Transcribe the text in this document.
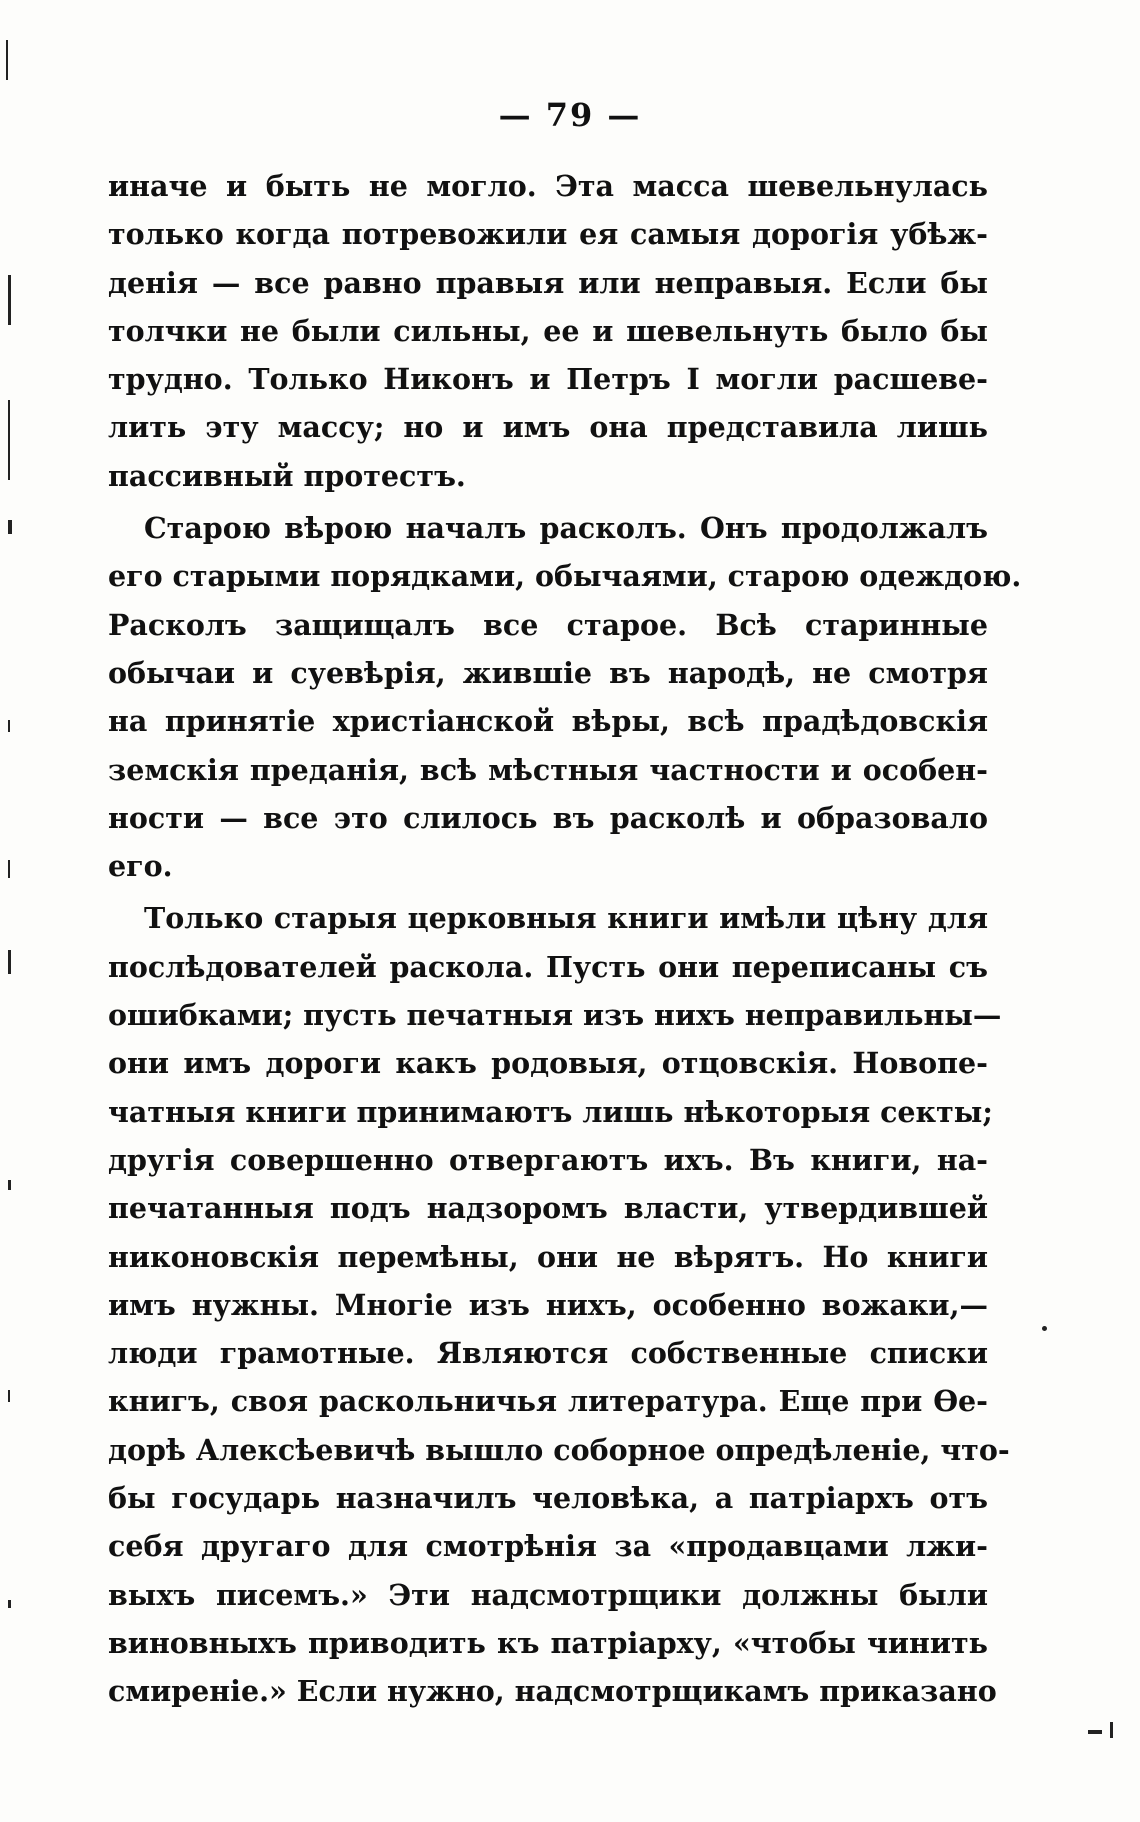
— 79 —
иначе и быть не могло. Эта масса шевельнулась
только когда потревожили ея самыя дорогія убѣж-
денія — все равно правыя или неправыя. Если бы
толчки не были сильны, ее и шевельнуть было бы
трудно. Только Никонъ и Петръ I могли расшеве-
лить эту массу; но и имъ она представила лишь
пассивный протестъ.
Старою вѣрою началъ расколъ. Онъ продолжалъ
его старыми порядками, обычаями, старою одеждою.
Расколъ защищалъ все старое. Всѣ старинные
обычаи и суевѣрія, жившіе въ народѣ, не смотря
на принятіе христіанской вѣры, всѣ прадѣдовскія
земскія преданія, всѣ мѣстныя частности и особен-
ности — все это слилось въ расколѣ и образовало
его.
Только старыя церковныя книги имѣли цѣну для
послѣдователей раскола. Пусть они переписаны съ
ошибками; пусть печатныя изъ нихъ неправильны—
они имъ дороги какъ родовыя, отцовскія. Новопе-
чатныя книги принимаютъ лишь нѣкоторыя секты;
другія совершенно отвергаютъ ихъ. Въ книги, на-
печатанныя подъ надзоромъ власти, утвердившей
никоновскія перемѣны, они не вѣрятъ. Но книги
имъ нужны. Многіе изъ нихъ, особенно вожаки,—
люди грамотные. Являются собственные списки
книгъ, своя раскольничья литература. Еще при Ѳе-
дорѣ Алексѣевичѣ вышло соборное опредѣленіе, что-
бы государь назначилъ человѣка, а патріархъ отъ
себя другаго для смотрѣнія за «продавцами лжи-
выхъ писемъ.» Эти надсмотрщики должны были
виновныхъ приводить къ патріарху, «чтобы чинить
смиреніе.» Если нужно, надсмотрщикамъ приказано
